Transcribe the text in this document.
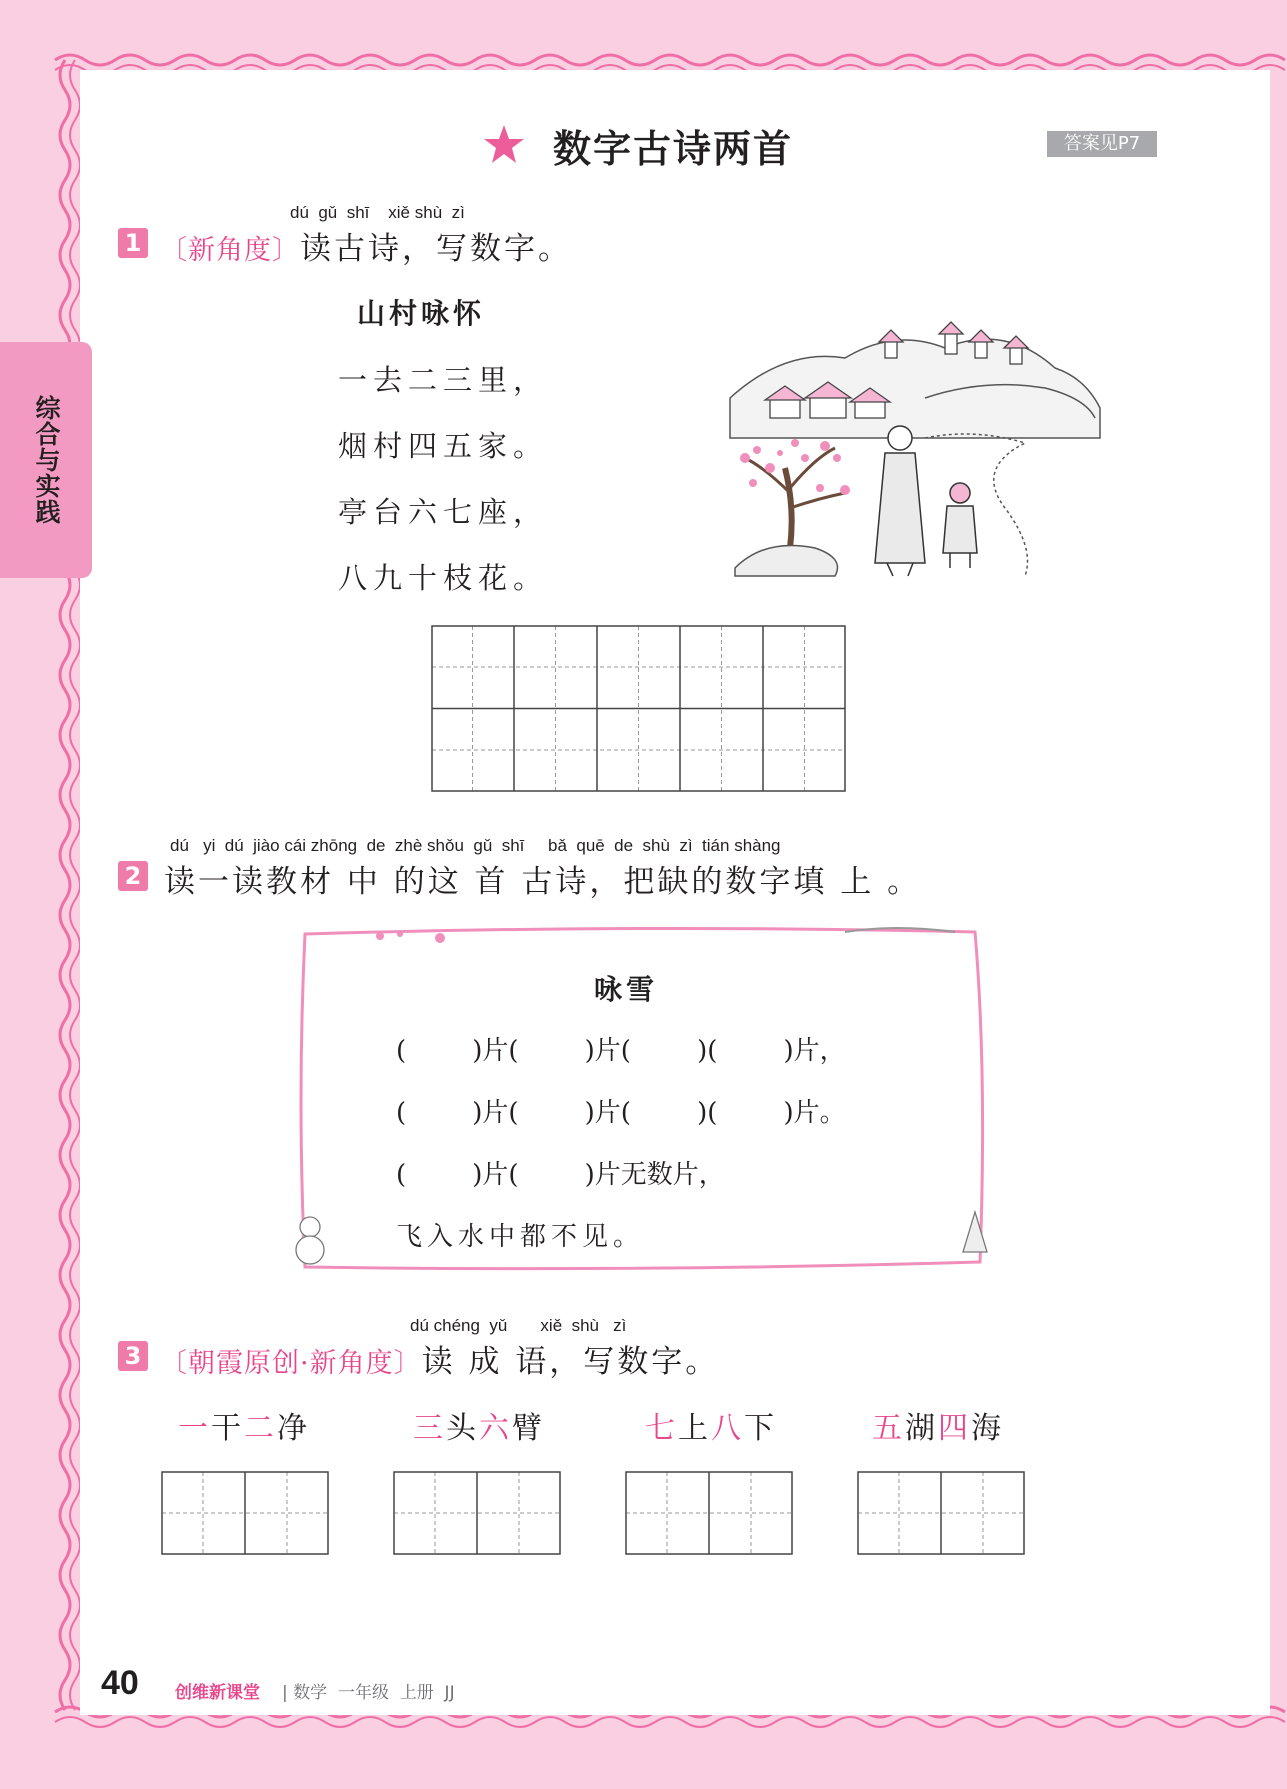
综合与实践
数字古诗两首	答案见P7
1
dú  gǔ  shī    xiě shù  zì
〔新角度〕读古诗，写数字。
山村咏怀
一去二三里，
烟村四五家。
亭台六七座，
八九十枝花。
2
dú   yi  dú  jiào cái zhōng  de  zhè shǒu  gǔ  shī     bǎ  quē  de  shù  zì  tián shàng
读一读教材 中 的这 首 古诗，把缺的数字填 上 。
咏雪
(        )片(        )片(        )(        )片，
(        )片(        )片(        )(        )片。
(        )片(        )片无数片，
飞入水中都不见。
3
dú chéng  yǔ       xiě  shù   zì
〔朝霞原创·新角度〕读 成 语，写数字。
一干二净	三头六臂	七上八下	五湖四海
40 创维新课堂 | 数学  一年级  上册  JJ
